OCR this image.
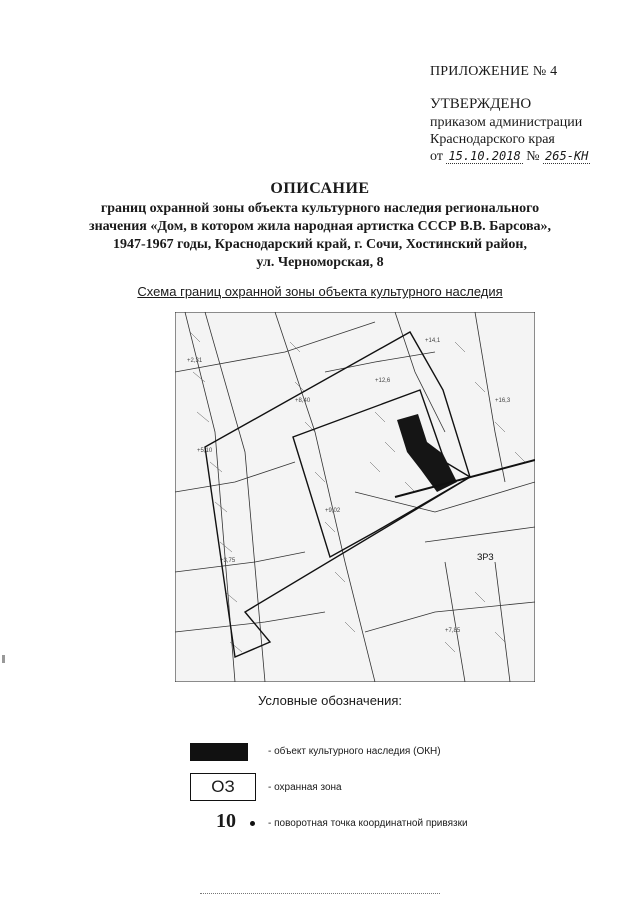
ПРИЛОЖЕНИЕ № 4
УТВЕРЖДЕНО
приказом администрации
Краснодарского края
от 15.10.2018 № 265-КН
ОПИСАНИЕ
границ охранной зоны объекта культурного наследия регионального
значения «Дом, в котором жила народная артистка СССР В.В. Барсова»,
1947-1967 годы, Краснодарский край, г. Сочи, Хостинский район,
ул. Черноморская, 8
Схема границ охранной зоны объекта культурного наследия
+2,31
+5,10
+3,75
+8,40
+9,02
+12,6
+14,1
+16,3
+7,85
ЗРЗ
Условные обозначения:
- объект культурного наследия (ОКН)
ОЗ	- охранная зона
10	- поворотная точка координатной привязки
